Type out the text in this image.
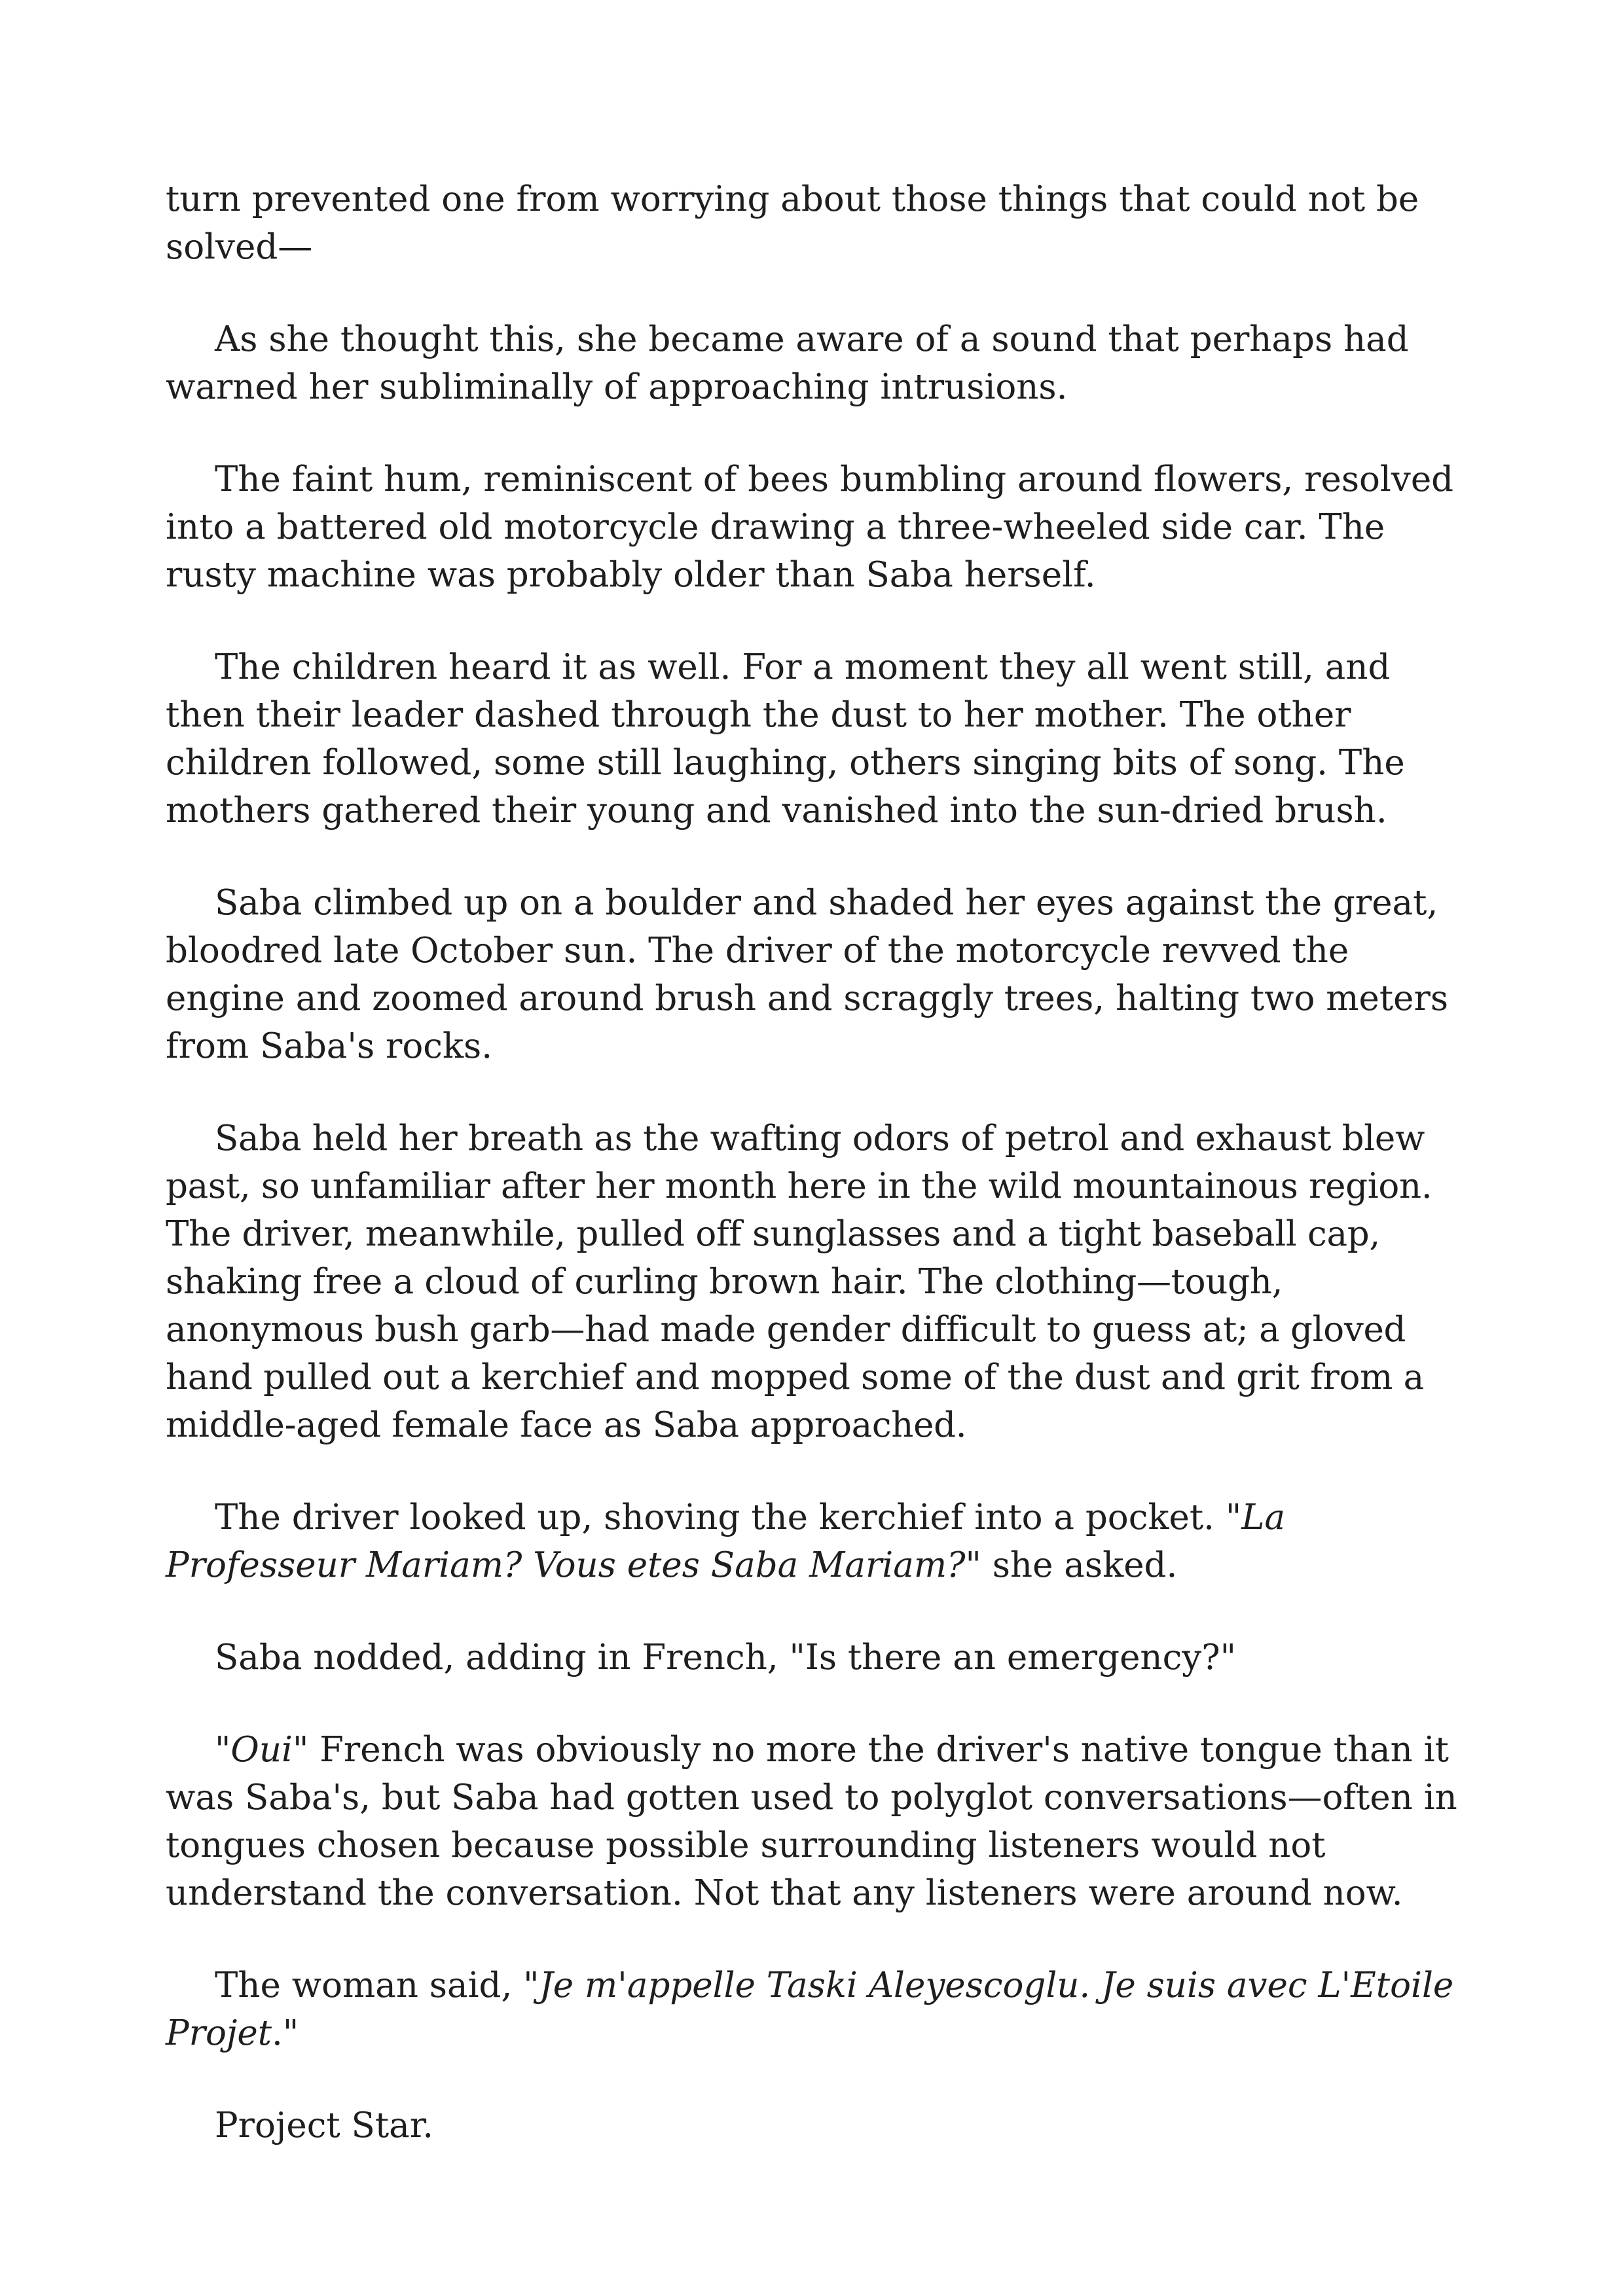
turn prevented one from worrying about those things that could not be solved—

As she thought this, she became aware of a sound that perhaps had warned her subliminally of approaching intrusions.

The faint hum, reminiscent of bees bumbling around flowers, resolved into a battered old motorcycle drawing a three-wheeled side car. The rusty machine was probably older than Saba herself.

The children heard it as well. For a moment they all went still, and then their leader dashed through the dust to her mother. The other children followed, some still laughing, others singing bits of song. The mothers gathered their young and vanished into the sun-dried brush.

Saba climbed up on a boulder and shaded her eyes against the great, bloodred late October sun. The driver of the motorcycle revved the engine and zoomed around brush and scraggly trees, halting two meters from Saba's rocks.

Saba held her breath as the wafting odors of petrol and exhaust blew past, so unfamiliar after her month here in the wild mountainous region. The driver, meanwhile, pulled off sunglasses and a tight baseball cap, shaking free a cloud of curling brown hair. The clothing—tough, anonymous bush garb—had made gender difficult to guess at; a gloved hand pulled out a kerchief and mopped some of the dust and grit from a middle-aged female face as Saba approached.

The driver looked up, shoving the kerchief into a pocket. "La Professeur Mariam? Vous etes Saba Mariam?" she asked.

Saba nodded, adding in French, "Is there an emergency?"

"Oui" French was obviously no more the driver's native tongue than it was Saba's, but Saba had gotten used to polyglot conversations—often in tongues chosen because possible surrounding listeners would not understand the conversation. Not that any listeners were around now.

The woman said, "Je m'appelle Taski Aleyescoglu. Je suis avec L'Etoile Projet."

Project Star.
